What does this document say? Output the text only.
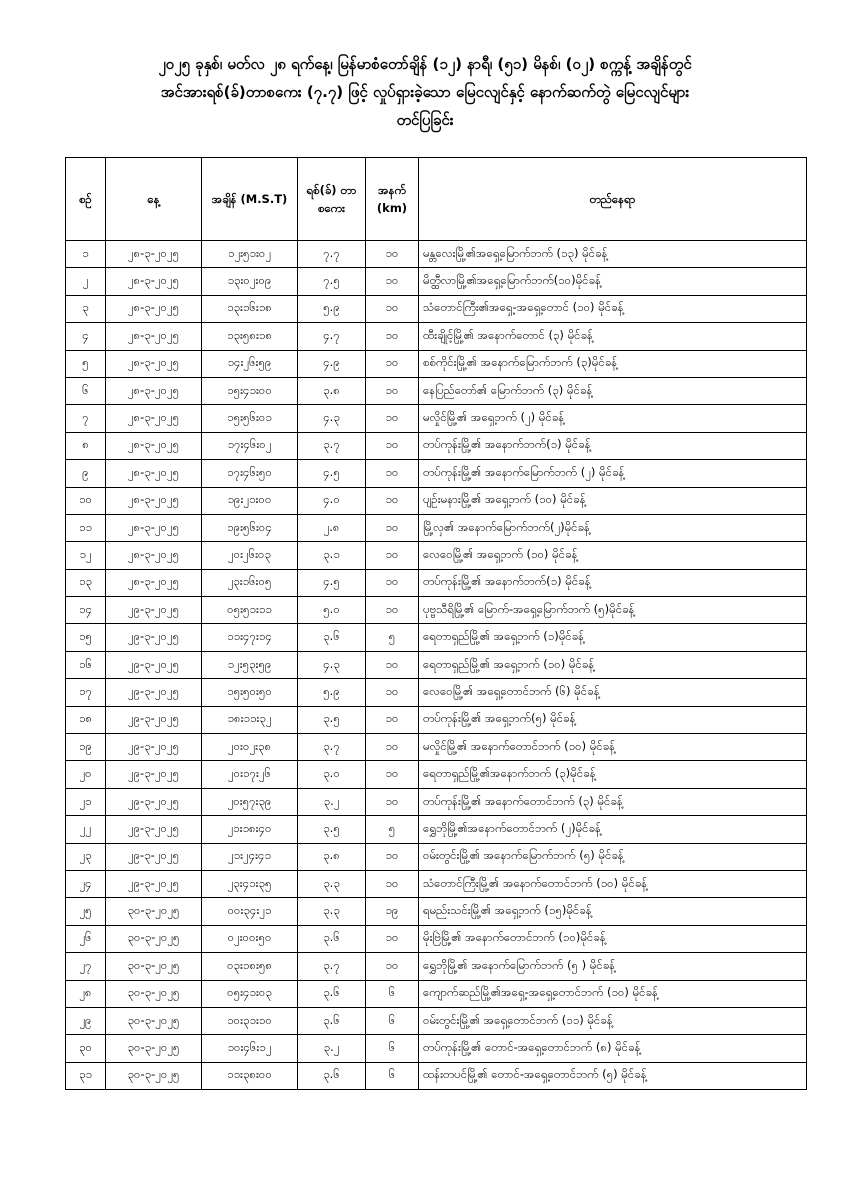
၂၀၂၅ ခုနှစ်၊ မတ်လ ၂၈ ရက်နေ့၊ မြန်မာစံတော်ချိန် (၁၂) နာရီ၊ (၅၁) မိနစ်၊ (၀၂) စက္ကန့် အချိန်တွင်
အင်အားရစ်(ခ်)တာစကေး (၇.၇) ဖြင့် လှုပ်ရှားခဲ့သော မြေငလျင်နှင့် နောက်ဆက်တွဲ မြေငလျင်များ
တင်ပြခြင်း
စဉ်	နေ့	အချိန် (M.S.T)	ရစ်(ခ်) တာ စကေး	အနက် (km)	တည်နေရာ
၁	၂၈-၃-၂၀၂၅	၁၂း၅၁း၀၂	၇.၇	၁၀	မန္တလေးမြို့၏အရှေ့မြောက်ဘက် (၁၃) မိုင်ခန့်
၂	၂၈-၃-၂၀၂၅	၁၃း၀၂း၀၉	၇.၅	၁၀	မိတ္ထီလာမြို့၏အရှေ့မြောက်ဘက်(၁၀)မိုင်ခန့်
၃	၂၈-၃-၂၀၂၅	၁၃း၁၆း၁၈	၅.၉	၁၀	သံတောင်ကြီး၏အရှေ့-အရှေ့တောင် (၁၀) မိုင်ခန့်
၄	၂၈-၃-၂၀၂၅	၁၃း၅၈း၁၈	၄.၇	၁၀	ထီးချိုင့်မြို့၏ အနောက်တောင် (၃) မိုင်ခန့်
၅	၂၈-၃-၂၀၂၅	၁၄း၂၆း၅၉	၄.၉	၁၀	စစ်ကိုင်းမြို့၏ အနောက်မြောက်ဘက် (၃)မိုင်ခန့်
၆	၂၈-၃-၂၀၂၅	၁၅း၄၁း၀၀	၃.၈	၁၀	နေပြည်တော်၏ မြောက်ဘက် (၃) မိုင်ခန့်
၇	၂၈-၃-၂၀၂၅	၁၅း၅၆း၀၁	၄.၃	၁၀	မလှိုင်မြို့၏ အရှေ့ဘက် (၂) မိုင်ခန့်
၈	၂၈-၃-၂၀၂၅	၁၇း၄၆း၀၂	၃.၇	၁၀	တပ်ကုန်းမြို့၏ အနောက်ဘက်(၁) မိုင်ခန့်
၉	၂၈-၃-၂၀၂၅	၁၇း၄၆း၅၀	၄.၅	၁၀	တပ်ကုန်းမြို့၏ အနောက်မြောက်ဘက် (၂) မိုင်ခန့်
၁၀	၂၈-၃-၂၀၂၅	၁၉း၂၁း၀၀	၄.၀	၁၀	ပျဉ်းမနားမြို့၏ အရှေ့ဘက် (၁၀) မိုင်ခန့်
၁၁	၂၈-၃-၂၀၂၅	၁၉း၅၆း၀၄	၂.၈	၁၀	မြို့လှ၏ အနောက်မြောက်ဘက်(၂)မိုင်ခန့်
၁၂	၂၈-၃-၂၀၂၅	၂၀း၂၆း၀၃	၃.၁	၁၀	လေဝေမြို့၏ အရှေ့ဘက် (၁၀) မိုင်ခန့်
၁၃	၂၈-၃-၂၀၂၅	၂၃း၁၆း၀၅	၄.၅	၁၀	တပ်ကုန်းမြို့၏ အနောက်ဘက်(၁) မိုင်ခန့်
၁၄	၂၉-၃-၂၀၂၅	၀၅း၅၁း၁၁	၅.၀	၁၀	ပုဗ္ဗသီရိမြို့၏ မြောက်-အရှေ့မြောက်ဘက် (၅)မိုင်ခန့်
၁၅	၂၉-၃-၂၀၂၅	၁၁း၄၇း၁၄	၃.၆	၅	ရေတာရှည်မြို့၏ အရှေ့ဘက် (၁)မိုင်ခန့်
၁၆	၂၉-၃-၂၀၂၅	၁၂း၅၃း၅၉	၄.၃	၁၀	ရေတာရှည်မြို့၏ အရှေ့ဘက် (၁၀) မိုင်ခန့်
၁၇	၂၉-၃-၂၀၂၅	၁၅း၅၀း၅၀	၅.၉	၁၀	လေဝေမြို့၏ အရှေ့တောင်ဘက် (၆) မိုင်ခန့်
၁၈	၂၉-၃-၂၀၂၅	၁၈း၁၁း၃၂	၃.၅	၁၀	တပ်ကုန်းမြို့၏ အရှေ့ဘက်(၅) မိုင်ခန့်
၁၉	၂၉-၃-၂၀၂၅	၂၀း၀၂း၃၈	၃.၇	၁၀	မလှိုင်မြို့၏ အနောက်တောင်ဘက် (၁၀) မိုင်ခန့်
၂၀	၂၉-၃-၂၀၂၅	၂၀း၁၇း၂၆	၃.၀	၁၀	ရေတာရှည်မြို့၏အနောက်ဘက် (၃)မိုင်ခန့်
၂၁	၂၉-၃-၂၀၂၅	၂၀း၅၇း၃၉	၃.၂	၁၀	တပ်ကုန်းမြို့၏ အနောက်တောင်ဘက် (၃) မိုင်ခန့်
၂၂	၂၉-၃-၂၀၂၅	၂၁း၁၈း၄၀	၃.၅	၅	ရွှေဘိုမြို့၏အနောက်တောင်ဘက် (၂)မိုင်ခန့်
၂၃	၂၉-၃-၂၀၂၅	၂၁း၂၄း၄၁	၃.၈	၁၀	ဝမ်းတွင်းမြို့၏ အနောက်မြောက်ဘက် (၅) မိုင်ခန့်
၂၄	၂၉-၃-၂၀၂၅	၂၃း၄၁း၃၅	၃.၃	၁၀	သံတောင်ကြီးမြို့၏ အနောက်တောင်ဘက် (၁၀) မိုင်ခန့်
၂၅	၃၀-၃-၂၀၂၅	၀၀း၃၄း၂၁	၃.၃	၁၉	ရမည်းသင်းမြို့၏ အရှေ့ဘက် (၁၅)မိုင်ခန့်
၂၆	၃၀-၃-၂၀၂၅	၀၂း၀၀း၅၀	၃.၆	၁၀	မိုးဗြဲမြို့၏ အနောက်တောင်ဘက် (၁၀)မိုင်ခန့်
၂၇	၃၀-၃-၂၀၂၅	၀၃း၁၈း၅၈	၃.၇	၁၀	ရွှေဘိုမြို့၏ အနောက်မြောက်ဘက် (၅ ) မိုင်ခန့်
၂၈	၃၀-၃-၂၀၂၅	၀၅း၄၁း၀၃	၃.၆	၆	ကျောက်ဆည်မြို့၏အရှေ့-အရှေ့တောင်ဘက် (၁၀) မိုင်ခန့်
၂၉	၃၀-၃-၂၀၂၅	၁၀း၃၁း၁၀	၃.၆	၆	ဝမ်းတွင်းမြို့၏ အရှေ့တောင်ဘက် (၁၁) မိုင်ခန့်
၃၀	၃၀-၃-၂၀၂၅	၁၀း၄၆း၁၂	၃.၂	၆	တပ်ကုန်းမြို့၏ တောင်-အရှေ့တောင်ဘက် (၈) မိုင်ခန့်
၃၁	၃၀-၃-၂၀၂၅	၁၁း၃၈း၀၀	၃.၆	၆	ထန်းတပင်မြို့၏ တောင်-အရှေ့တောင်ဘက် (၅) မိုင်ခန့်
